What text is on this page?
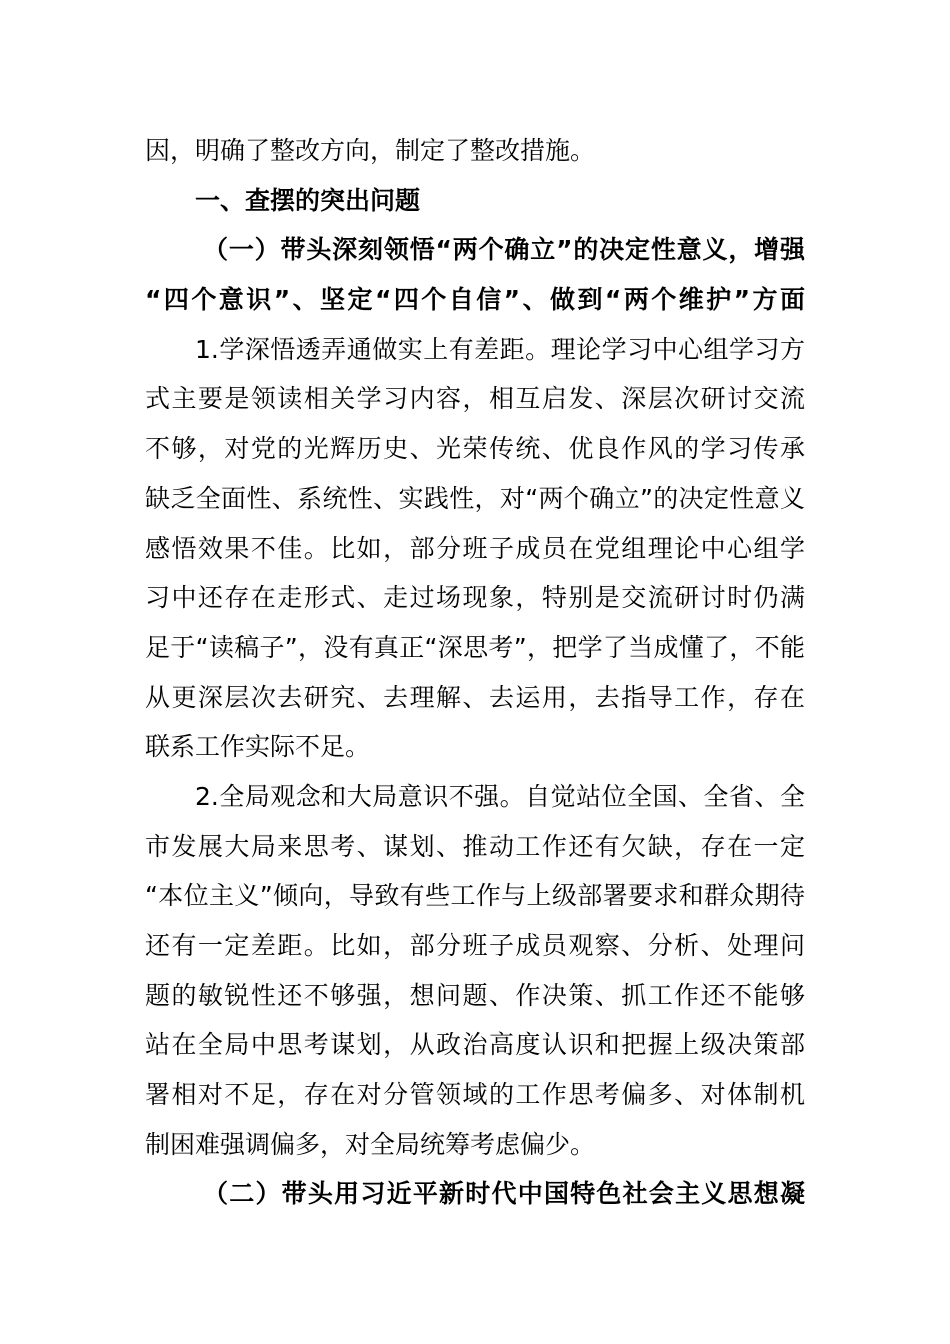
因，明确了整改方向，制定了整改措施。
一、查摆的突出问题
（一）带头深刻领悟“两个确立”的决定性意义，增强
“四个意识”、坚定“四个自信”、做到“两个维护”方面
1.学深悟透弄通做实上有差距。理论学习中心组学习方
式主要是领读相关学习内容，相互启发、深层次研讨交流
不够，对党的光辉历史、光荣传统、优良作风的学习传承
缺乏全面性、系统性、实践性，对“两个确立”的决定性意义
感悟效果不佳。比如，部分班子成员在党组理论中心组学
习中还存在走形式、走过场现象，特别是交流研讨时仍满
足于“读稿子”，没有真正“深思考”，把学了当成懂了，不能
从更深层次去研究、去理解、去运用，去指导工作，存在
联系工作实际不足。
2.全局观念和大局意识不强。自觉站位全国、全省、全
市发展大局来思考、谋划、推动工作还有欠缺，存在一定
“本位主义”倾向，导致有些工作与上级部署要求和群众期待
还有一定差距。比如，部分班子成员观察、分析、处理问
题的敏锐性还不够强，想问题、作决策、抓工作还不能够
站在全局中思考谋划，从政治高度认识和把握上级决策部
署相对不足，存在对分管领域的工作思考偏多、对体制机
制困难强调偏多，对全局统筹考虑偏少。
（二）带头用习近平新时代中国特色社会主义思想凝
